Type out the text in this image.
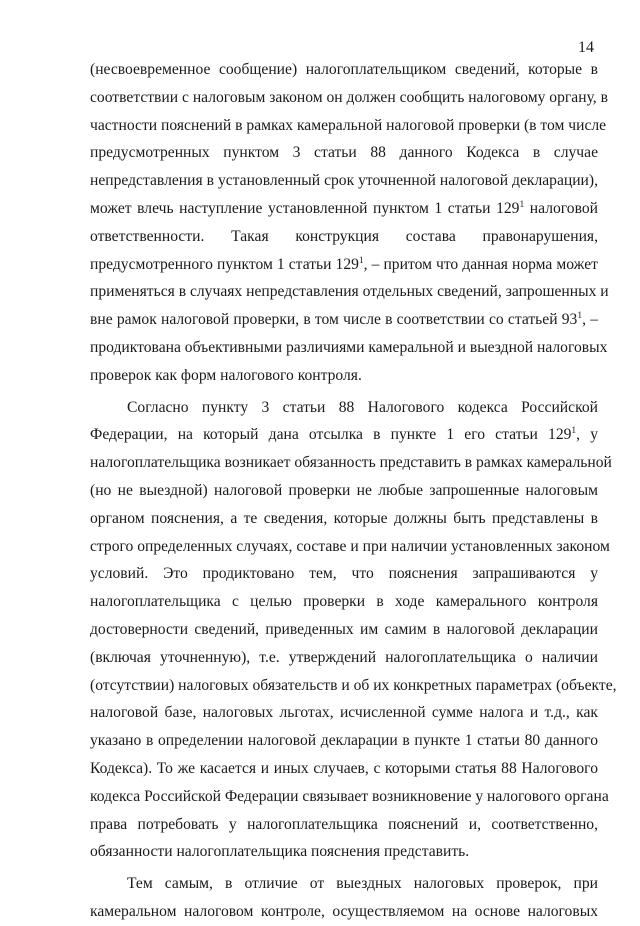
14
(несвоевременное сообщение) налогоплательщиком сведений, которые в
соответствии с налоговым законом он должен сообщить налоговому органу, в
частности пояснений в рамках камеральной налоговой проверки (в том числе
предусмотренных пунктом 3 статьи 88 данного Кодекса в случае
непредставления в установленный срок уточненной налоговой декларации),
может влечь наступление установленной пунктом 1 статьи $129^1$ налоговой
ответственности. Такая конструкция состава правонарушения,
предусмотренного пунктом 1 статьи $129^1$, – притом что данная норма может
применяться в случаях непредставления отдельных сведений, запрошенных и
вне рамок налоговой проверки, в том числе в соответствии со статьей $93^1$, –
продиктована объективными различиями камеральной и выездной налоговых
проверок как форм налогового контроля.
Согласно пункту 3 статьи 88 Налогового кодекса Российской
Федерации, на который дана отсылка в пункте 1 его статьи $129^1$, у
налогоплательщика возникает обязанность представить в рамках камеральной
(но не выездной) налоговой проверки не любые запрошенные налоговым
органом пояснения, а те сведения, которые должны быть представлены в
строго определенных случаях, составе и при наличии установленных законом
условий. Это продиктовано тем, что пояснения запрашиваются у
налогоплательщика с целью проверки в ходе камерального контроля
достоверности сведений, приведенных им самим в налоговой декларации
(включая уточненную), т.е. утверждений налогоплательщика о наличии
(отсутствии) налоговых обязательств и об их конкретных параметрах (объекте,
налоговой базе, налоговых льготах, исчисленной сумме налога и т.д., как
указано в определении налоговой декларации в пункте 1 статьи 80 данного
Кодекса). То же касается и иных случаев, с которыми статья 88 Налогового
кодекса Российской Федерации связывает возникновение у налогового органа
права потребовать у налогоплательщика пояснений и, соответственно,
обязанности налогоплательщика пояснения представить.
Тем самым, в отличие от выездных налоговых проверок, при
камеральном налоговом контроле, осуществляемом на основе налоговых
